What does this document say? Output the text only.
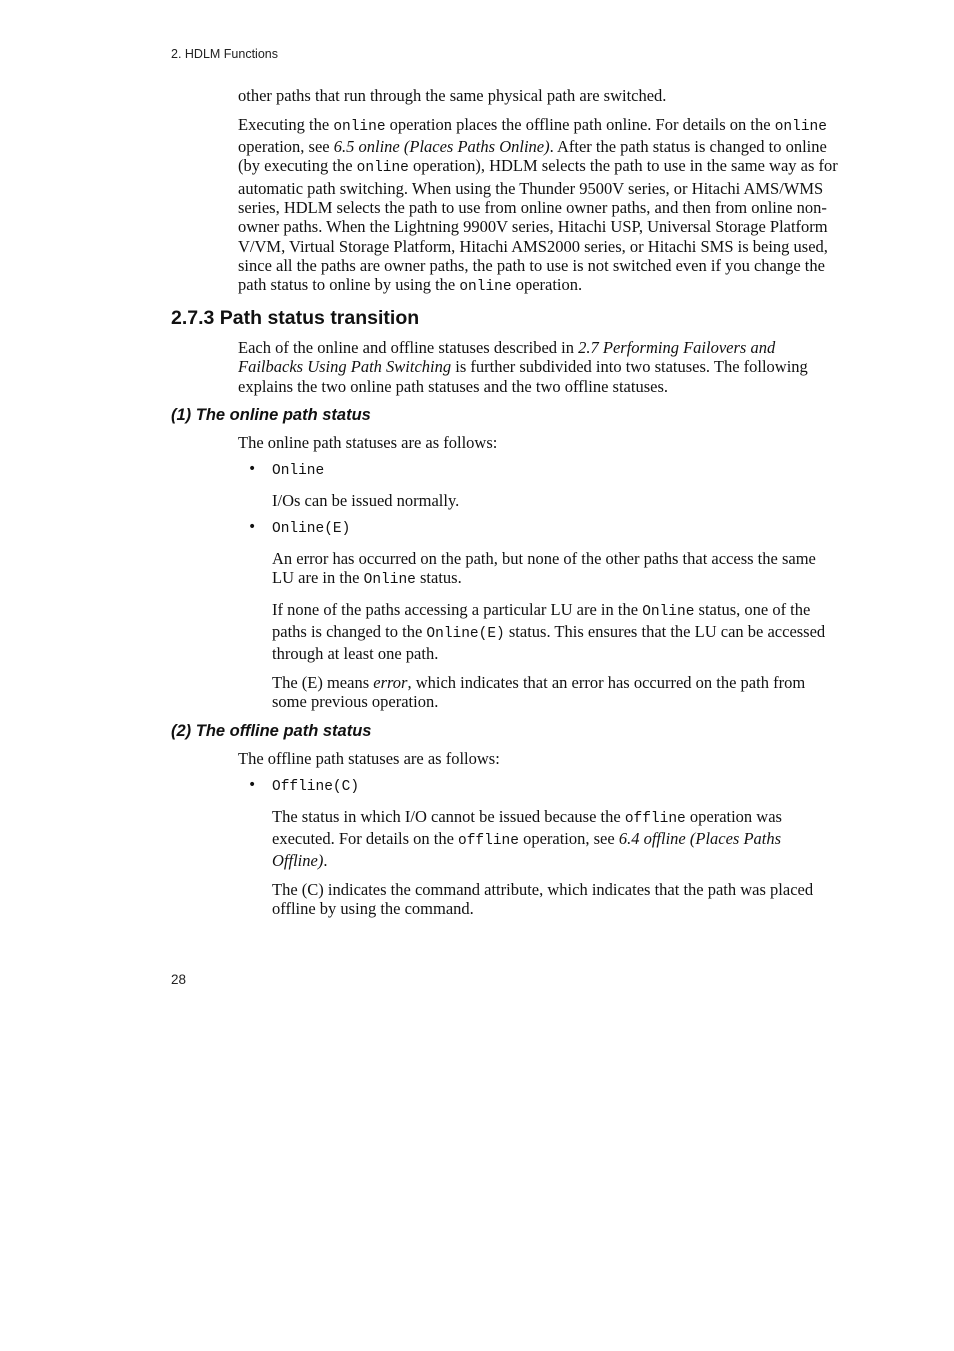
2. HDLM Functions

other paths that run through the same physical path are switched.

Executing the online operation places the offline path online. For details on the online operation, see 6.5 online (Places Paths Online). After the path status is changed to online (by executing the online operation), HDLM selects the path to use in the same way as for automatic path switching. When using the Thunder 9500V series, or Hitachi AMS/WMS series, HDLM selects the path to use from online owner paths, and then from online non-owner paths. When the Lightning 9900V series, Hitachi USP, Universal Storage Platform V/VM, Virtual Storage Platform, Hitachi AMS2000 series, or Hitachi SMS is being used, since all the paths are owner paths, the path to use is not switched even if you change the path status to online by using the online operation.

2.7.3 Path status transition

Each of the online and offline statuses described in 2.7 Performing Failovers and Failbacks Using Path Switching is further subdivided into two statuses. The following explains the two online path statuses and the two offline statuses.

(1) The online path status

The online path statuses are as follows:

• Online

I/Os can be issued normally.

• Online(E)

An error has occurred on the path, but none of the other paths that access the same LU are in the Online status.

If none of the paths accessing a particular LU are in the Online status, one of the paths is changed to the Online(E) status. This ensures that the LU can be accessed through at least one path.

The (E) means error, which indicates that an error has occurred on the path from some previous operation.

(2) The offline path status

The offline path statuses are as follows:

• Offline(C)

The status in which I/O cannot be issued because the offline operation was executed. For details on the offline operation, see 6.4 offline (Places Paths Offline).

The (C) indicates the command attribute, which indicates that the path was placed offline by using the command.

28
